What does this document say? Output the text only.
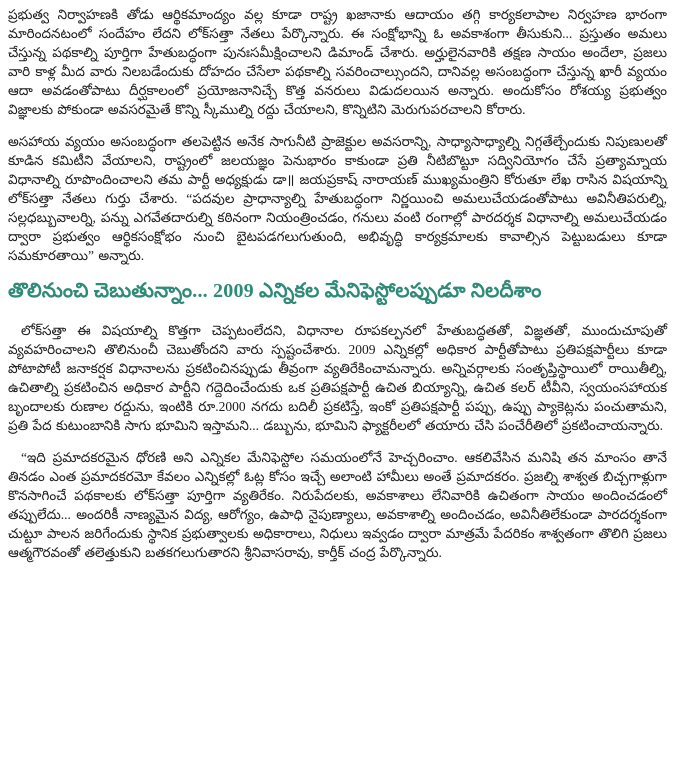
ప్రభుత్వ నిర్వాహణకి తోడు ఆర్థికమాంద్యం వల్ల కూడా రాష్ట్ర ఖజానాకు ఆదాయం తగ్గి కార్యకలాపాల నిర్వహణ భారంగా మారిందనటంలో సందేహం లేదని లోక్‌సత్తా నేతలు పేర్కొన్నారు. ఈ సంక్షోభాన్ని ఓ అవకాశంగా తీసుకుని... ప్రస్తుతం అమలు చేస్తున్న పథకాల్ని పూర్తిగా హేతుబద్ధంగా పునఃసమీక్షించాలని డిమాండ్ చేశారు. అర్హులైనవారికి తక్షణ సాయం అందేలా, ప్రజలు వారి కాళ్ల మీద వారు నిలబడేందుకు దోహదం చేసేలా పథకాల్ని సవరించాల్సుందని, దానివల్ల అసంబద్ధంగా చేస్తున్న ఖారీ వ్యయం ఆదా అవడంతోపాటు దీర్ఘకాలంలో ప్రయోజనానిచ్చే కొత్త వనరులు విడుదలయిన అన్నారు. అందుకోసం రోశయ్య ప్రభుత్వం విజ్ఞాలకు పోకుండా అవసరమైతే కొన్ని స్కీముల్ని రద్దు చేయాలని, కొన్నిటిని మెరుగుపరచాలని కోరారు.

అసహాయ వ్యయం అసంబద్ధంగా తలపెట్టిన అనేక సాగునీటి ప్రాజెక్టుల అవసరాన్ని, సాధ్యాసాధ్యాల్ని నిగ్గతేల్చేందుకు నిపుణులతో కూడిన కమిటీని వేయాలని, రాష్ట్రంలో జలయజ్ఞం పెనుభారం కాకుండా ప్రతి నీటిబొట్టూ సద్వినియోగం చేసే ప్రత్యామ్నాయ విధానాల్ని రూపొందించాలని తమ పార్టీ అధ్యక్షుడు డా॥ జయప్రకాష్ నారాయణ్ ముఖ్యమంత్రిని కోరుతూ లేఖ రాసిన విషయాన్ని లోక్‌సత్తా నేతలు గుర్తు చేశారు. “పదవుల ప్రాధాన్యాల్ని హేతుబద్ధంగా నిర్ణయించి అమలుచేయడంతోపాటు అవినీతిపరుల్ని, సల్లధబ్బువాలర్ని, పన్ను ఎగవేతదారుల్ని కఠినంగా నియంత్రించడం, గనులు వంటి రంగాల్లో పారదర్శక విధానాల్ని అమలుచేయడం ద్వారా ప్రభుత్వం ఆర్థికసంక్షోభం నుంచి బైటపడగలుగుతుంది, అభివృద్ధి కార్యక్రమాలకు కావాల్సిన పెట్టుబడులు కూడా సమకూరతాయి” అన్నారు.

తొలినుంచి చెబుతున్నాం... 2009 ఎన్నికల మేనిఫెస్టోలప్పుడూ నిలదీశాం

లోక్‌సత్తా ఈ విషయాల్ని కొత్తగా చెప్పటంలేదని, విధానాల రూపకల్పనలో హేతుబద్ధతతో, విజ్ఞతతో, ముందుచూపుతో వ్యవహరించాలని తొలినుంచీ చెబుతోందని వారు స్పష్టంచేశారు. 2009 ఎన్నికల్లో అధికార పార్టీతోపాటు ప్రతిపక్షపార్టీలు కూడా పోటాపోటీ జనాకర్షక విధానాలను ప్రకటించినప్పుడు తీవ్రంగా వ్యతిరేకించామన్నారు. అన్నివర్గాలకు సంతృప్తిస్థాయిలో రాయితీల్ని, ఉచితాల్ని ప్రకటించిన అధికార పార్టీని గద్దెదించేందుకు ఒక ప్రతిపక్షపార్టీ ఉచిత బియ్యాన్ని, ఉచిత కలర్ టీవీని, స్వయంసహాయక బృందాలకు రుణాల రద్దును, ఇంటికి రూ.2000 నగదు బదిలీ ప్రకటిస్తే, ఇంకో ప్రతిపక్షపార్టీ పప్పు, ఉప్పు ప్యాకెట్లను పంచుతామని, ప్రతి పేద కుటుంబానికి సాగు భూమిని ఇస్తామని... డబ్బును, భూమిని ఫ్యాక్టరీలలో తయారు చేసి పంచేరీతిలో ప్రకటించాయన్నారు.

“ఇది ప్రమాదకరమైన ధోరణి అని ఎన్నికల మేనిఫెస్టోల సమయంలోనే హెచ్చరించాం. ఆకలివేసిన మనిషి తన మాంసం తానే తినడం ఎంత ప్రమాదకరమో కేవలం ఎన్నికల్లో ఓట్ల కోసం ఇచ్చే అలాంటి హామీలు అంతే ప్రమాదకరం. ప్రజల్ని శాశ్వత బిచ్చగాళ్లుగా కొనసాగించే పథకాలకు లోక్‌సత్తా పూర్తిగా వ్యతిరేకం. నిరుపేదలకు, అవకాశాలు లేనివారికి ఉచితంగా సాయం అందించడంలో తప్పులేదు... అందరికీ నాణ్యమైన విద్య, ఆరోగ్యం, ఉపాధి నైపుణ్యాలు, అవకాశాల్ని అందించడం, అవినీతిలేకుండా పారదర్శకంగా చుట్టూ పాలన జరిగేందుకు స్థానిక ప్రభుత్వాలకు అధికారాలు, నిధులు ఇవ్వడం ద్వారా మాత్రమే పేదరికం శాశ్వతంగా తొలిగి ప్రజలు ఆత్మగౌరవంతో తలెత్తుకుని బతకగలుగుతారని శ్రీనివాసరావు, కార్తీక్ చంద్ర పేర్కొన్నారు.
